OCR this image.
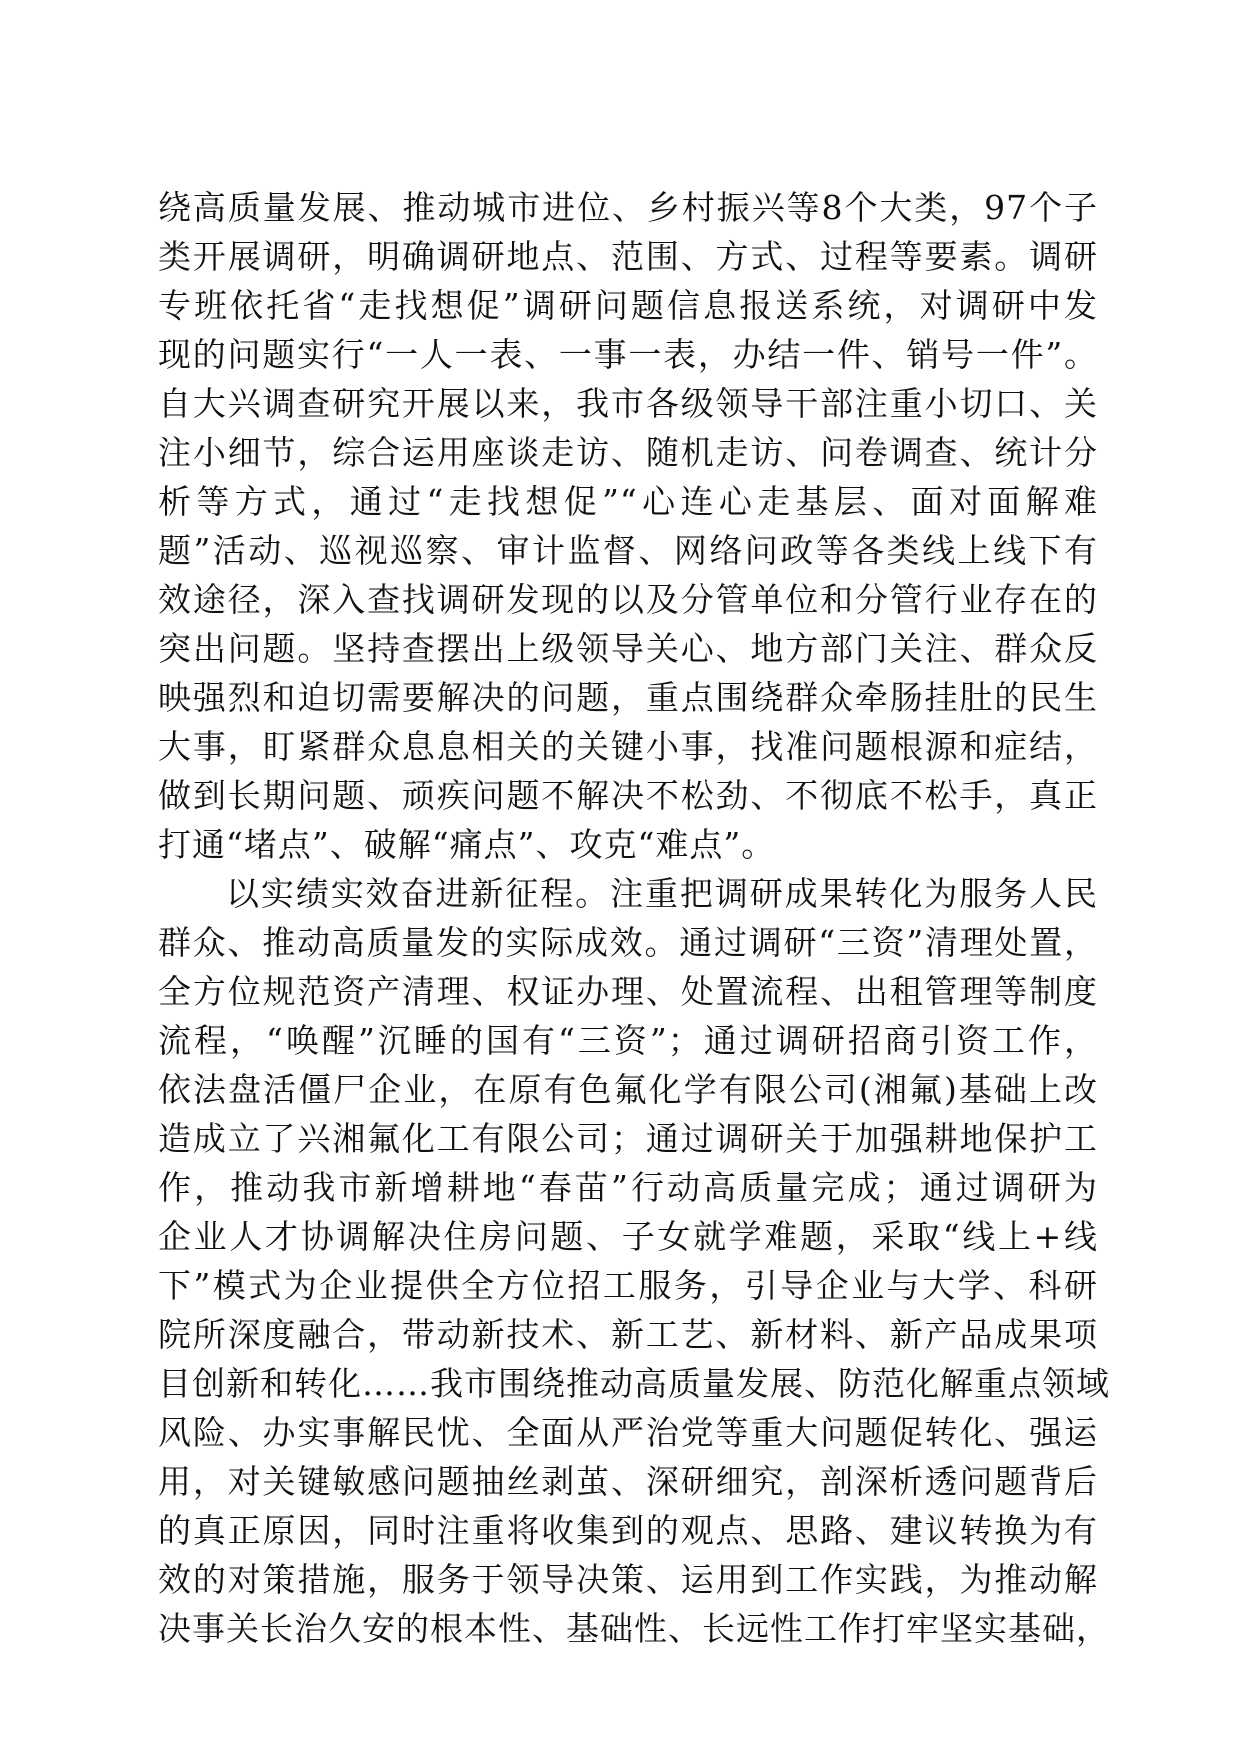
绕高质量发展、推动城市进位、乡村振兴等8个大类，97个子
类开展调研，明确调研地点、范围、方式、过程等要素。调研
专班依托省“走找想促”调研问题信息报送系统，对调研中发
现的问题实行“一人一表、一事一表，办结一件、销号一件”。
自大兴调查研究开展以来，我市各级领导干部注重小切口、关
注小细节，综合运用座谈走访、随机走访、问卷调查、统计分
析等方式，通过“走找想促”“心连心走基层、面对面解难
题”活动、巡视巡察、审计监督、网络问政等各类线上线下有
效途径，深入查找调研发现的以及分管单位和分管行业存在的
突出问题。坚持查摆出上级领导关心、地方部门关注、群众反
映强烈和迫切需要解决的问题，重点围绕群众牵肠挂肚的民生
大事，盯紧群众息息相关的关键小事，找准问题根源和症结，
做到长期问题、顽疾问题不解决不松劲、不彻底不松手，真正
打通“堵点”、破解“痛点”、攻克“难点”。
以实绩实效奋进新征程。注重把调研成果转化为服务人民
群众、推动高质量发的实际成效。通过调研“三资”清理处置，
全方位规范资产清理、权证办理、处置流程、出租管理等制度
流程，“唤醒”沉睡的国有“三资”；通过调研招商引资工作，
依法盘活僵尸企业，在原有色氟化学有限公司(湘氟)基础上改
造成立了兴湘氟化工有限公司；通过调研关于加强耕地保护工
作，推动我市新增耕地“春苗”行动高质量完成；通过调研为
企业人才协调解决住房问题、子女就学难题，采取“线上+线
下”模式为企业提供全方位招工服务，引导企业与大学、科研
院所深度融合，带动新技术、新工艺、新材料、新产品成果项
目创新和转化……我市围绕推动高质量发展、防范化解重点领域
风险、办实事解民忧、全面从严治党等重大问题促转化、强运
用，对关键敏感问题抽丝剥茧、深研细究，剖深析透问题背后
的真正原因，同时注重将收集到的观点、思路、建议转换为有
效的对策措施，服务于领导决策、运用到工作实践，为推动解
决事关长治久安的根本性、基础性、长远性工作打牢坚实基础，
